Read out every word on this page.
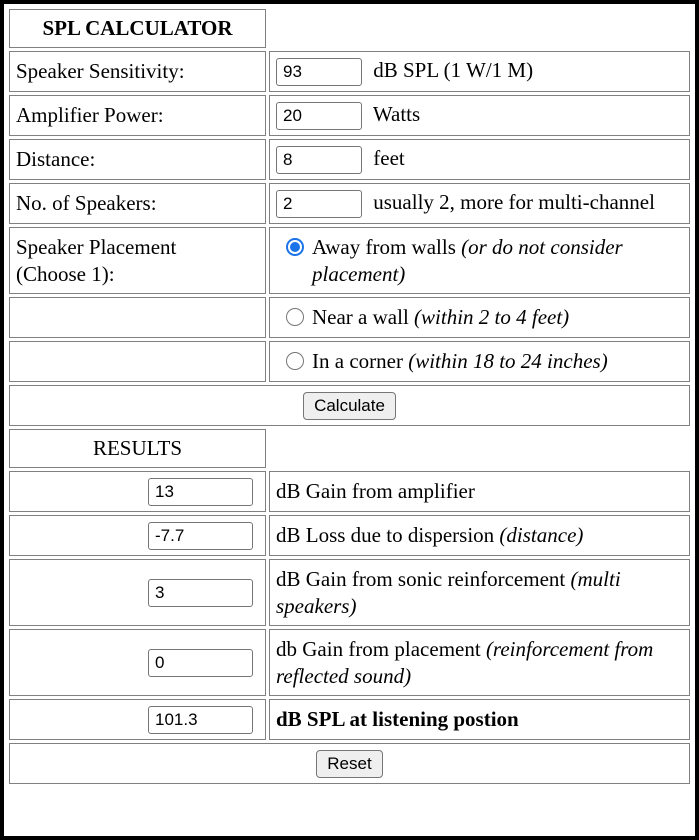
SPL CALCULATOR	
Speaker Sensitivity:	93dB SPL (1 W/1 M)
Amplifier Power:	20Watts
Distance:	8feet
No. of Speakers:	2usually 2, more for multi-channel
Speaker Placement
(Choose 1):	Away from walls (or do not consider placement)

	Near a wall (within 2 to 4 feet)

	In a corner (within 18 to 24 inches)

Calculate	
RESULTS	
13	dB Gain from amplifier
-7.7	dB Loss due to dispersion (distance)
3	dB Gain from sonic reinforcement (multi speakers)
0	db Gain from placement (reinforcement from reflected sound)
101.3	dB SPL at listening postion
Reset	
